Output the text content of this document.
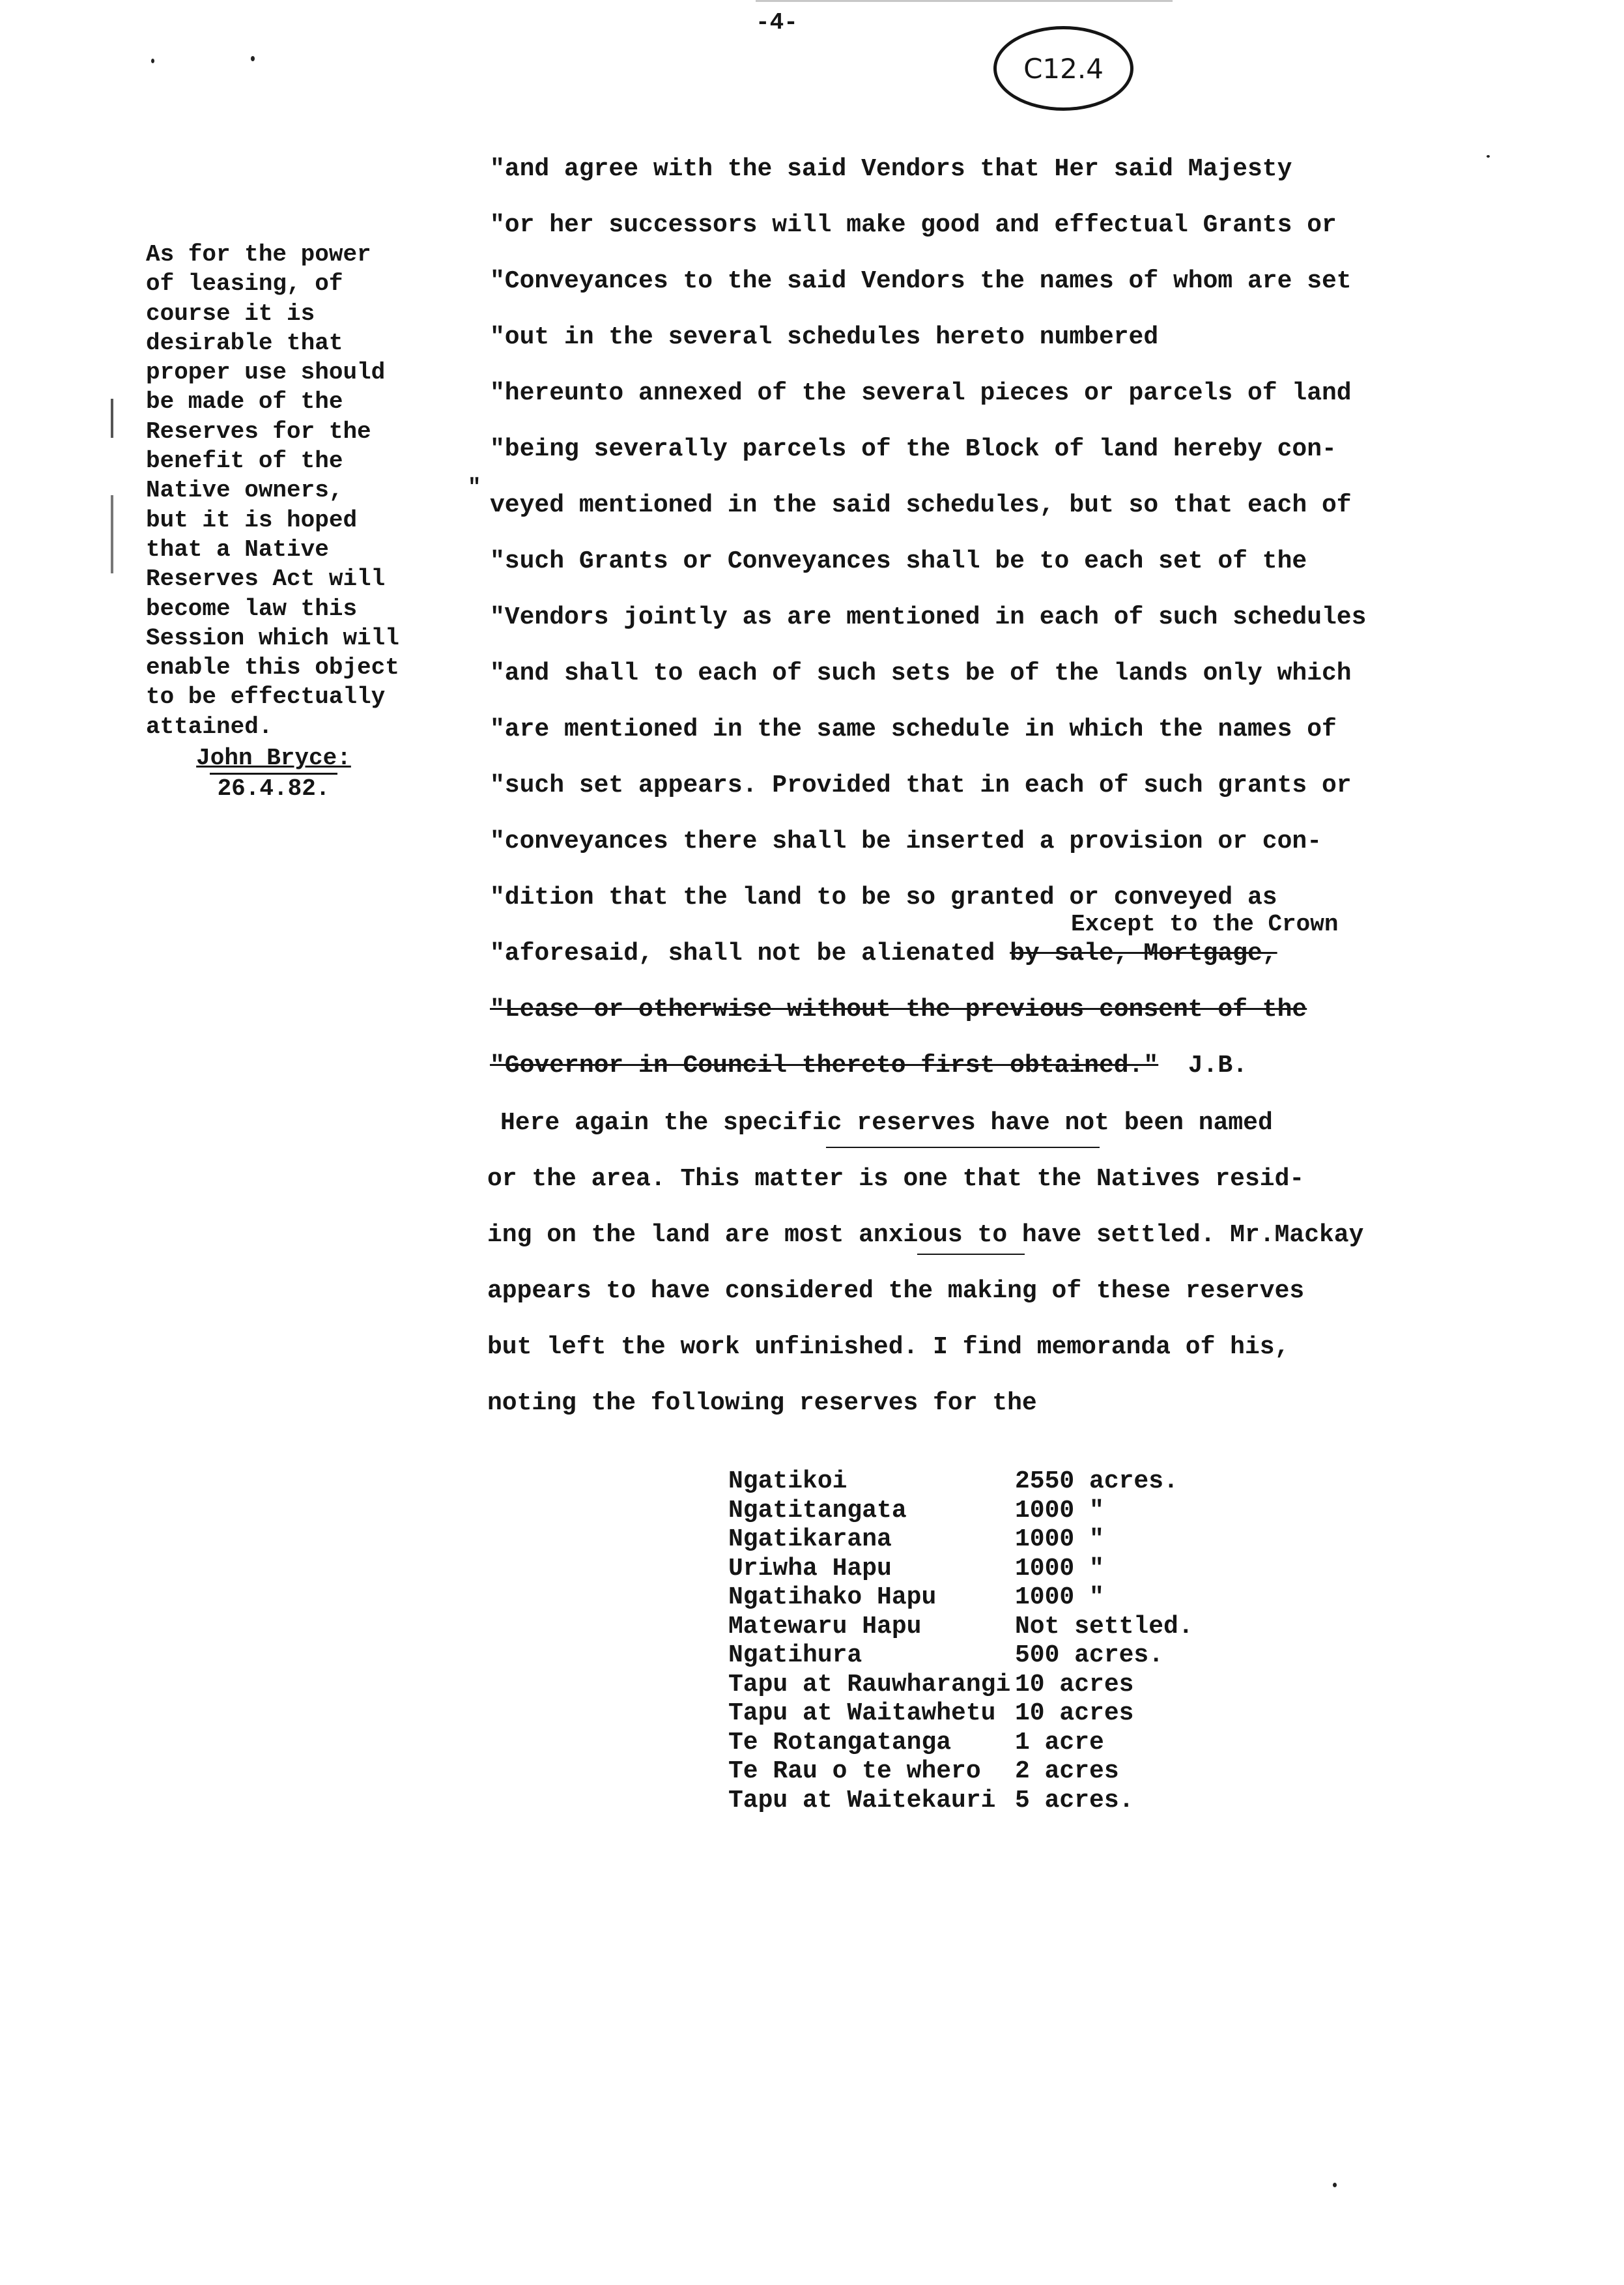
-4-
C12.4
As for the power
of leasing, of
course it is
desirable that
proper use should
be made of the
Reserves for the
benefit of the
Native owners,
but it is hoped
that a Native
Reserves Act will
become law this
Session which will
enable this object
to be effectually
attained.
John Bryce:
26.4.82.
"and agree with the said Vendors that Her said Majesty
"or her successors will make good and effectual Grants or
"Conveyances to the said Vendors the names of whom are set
"out in the several schedules hereto numbered
"hereunto annexed of the several pieces or parcels of land
"being severally parcels of the Block of land hereby con-
"
veyed mentioned in the said schedules, but so that each of
"such Grants or Conveyances shall be to each set of the
"Vendors jointly as are mentioned in each of such schedules
"and shall to each of such sets be of the lands only which
"are mentioned in the same schedule in which the names of
"such set appears. Provided that in each of such grants or
"conveyances there shall be inserted a provision or con-
"dition that the land to be so granted or conveyed as
Except to the Crown
"aforesaid, shall not be alienated by sale, Mortgage,
"Lease or otherwise without the previous consent of the
"Governor in Council thereto first obtained." J.B.
Here again the specific reserves have not been named
or the area. This matter is one that the Natives resid-
ing on the land are most anxious to have settled. Mr.Mackay
appears to have considered the making of these reserves
but left the work unfinished. I find memoranda of his,
noting the following reserves for the
Ngatikoi	2550 acres.
Ngatitangata	1000 "
Ngatikarana	1000 "
Uriwha Hapu	1000 "
Ngatihako Hapu	1000 "
Matewaru Hapu	Not settled.
Ngatihura	500 acres.
Tapu at Rauwharangi	10 acres
Tapu at Waitawhetu	10 acres
Te Rotangatanga	1 acre
Te Rau o te whero	2 acres
Tapu at Waitekauri	5 acres.
